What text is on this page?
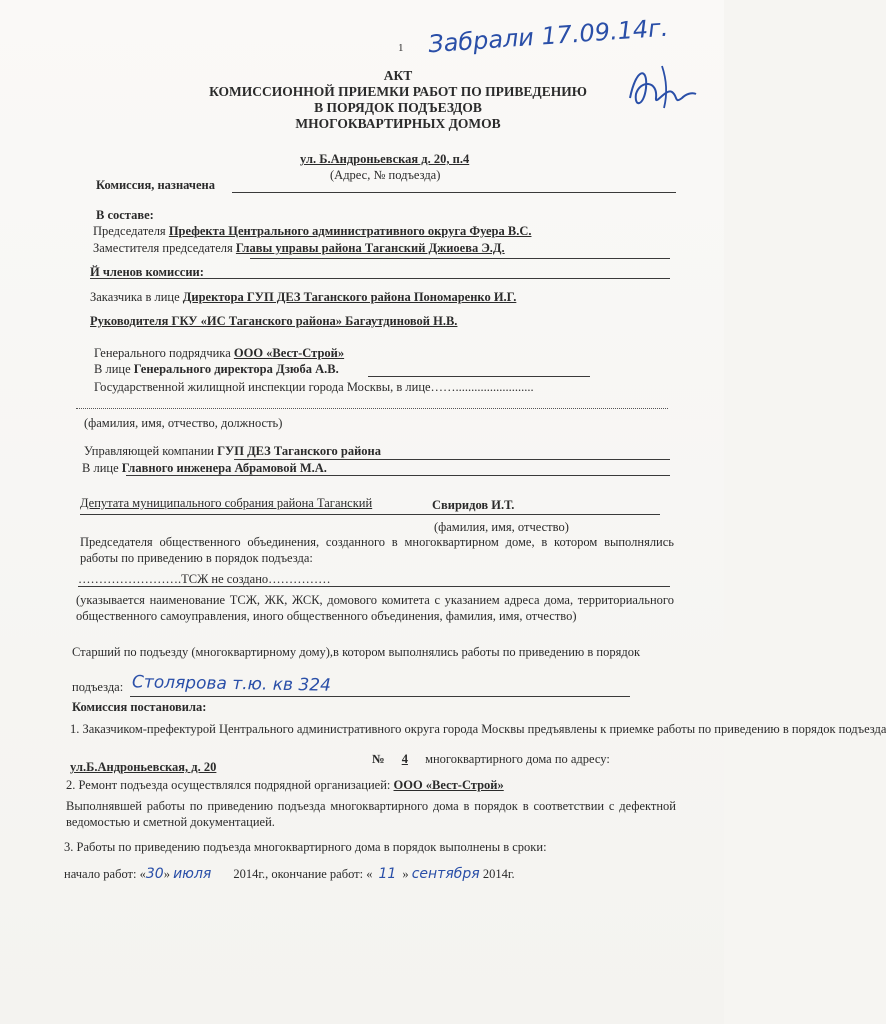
1 Забрали 17.09.14г.
АКТ
КОМИССИОННОЙ ПРИЕМКИ РАБОТ ПО ПРИВЕДЕНИЮ
В ПОРЯДОК ПОДЪЕЗДОВ
МНОГОКВАРТИРНЫХ ДОМОВ
ул. Б.Андроньевская д. 20, п.4
(Адрес, № подъезда)
Комиссия, назначена
В составе:
Председателя Префекта Центрального административного округа Фуера В.С.
Заместителя председателя Главы управы района Таганский Джиоева Э.Д.
Й членов комиссии:
Заказчика в лице Директора ГУП ДЕЗ Таганского района Пономаренко И.Г.
Руководителя ГКУ «ИС Таганского района» Багаутдиновой Н.В.
Генерального подрядчика ООО «Вест-Строй»
В лице Генерального директора Дзюба А.В.
Государственной жилищной инспекции города Москвы, в лице…….........................
(фамилия, имя, отчество, должность)
Управляющей компании ГУП ДЕЗ Таганского района
В лице Главного инженера Абрамовой М.А.
Депутата муниципального собрания района Таганский	Свиридов И.Т.
(фамилия, имя, отчество)
Председателя общественного объединения, созданного в многоквартирном доме, в котором выполнялись работы по приведению в порядок подъезда:
…………………….ТСЖ не создано……………
(указывается наименование ТСЖ, ЖК, ЖСК, домового комитета с указанием адреса дома, территориального общественного самоуправления, иного общественного объединения, фамилия, имя, отчество)
Старший по подъезду (многоквартирному дому),в котором выполнялись работы по приведению в порядок
подъезда: Столярова т.ю. кв 324
Комиссия постановила:
1. Заказчиком-префектурой Центрального административного округа города Москвы предъявлены к приемке работы по приведению в порядок подъезда
№ 4 многоквартирного дома по адресу:
ул.Б.Андроньевская, д. 20
2. Ремонт подъезда осуществлялся подрядной организацией: ООО «Вест-Строй»
Выполнявшей работы по приведению подъезда многоквартирного дома в порядок в соответствии с дефектной ведомостью и сметной документацией.
3. Работы по приведению подъезда многоквартирного дома в порядок выполнены в сроки:
начало работ: «30» июля 2014г., окончание работ: « 11 » сентября 2014г.
